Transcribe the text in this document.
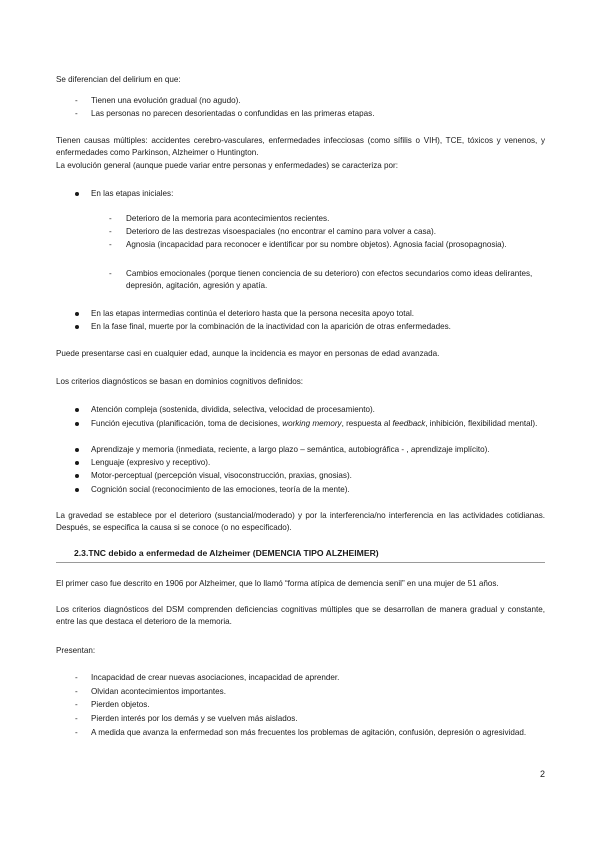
Se diferencian del delirium en que:

- Tienen una evolución gradual (no agudo).

- Las personas no parecen desorientadas o confundidas en las primeras etapas.

Tienen causas múltiples: accidentes cerebro-vasculares, enfermedades infecciosas (como sífilis o VIH), TCE, tóxicos y venenos, y enfermedades como Parkinson, Alzheimer o Huntington.

La evolución general (aunque puede variar entre personas y enfermedades) se caracteriza por:

En las etapas iniciales:

- Deterioro de la memoria para acontecimientos recientes.

- Deterioro de las destrezas visoespaciales (no encontrar el camino para volver a casa).

- Agnosia (incapacidad para reconocer e identificar por su nombre objetos). Agnosia facial (prosopagnosia).

- Cambios emocionales (porque tienen conciencia de su deterioro) con efectos secundarios como ideas delirantes, depresión, agitación, agresión y apatía.

En las etapas intermedias continúa el deterioro hasta que la persona necesita apoyo total.

En la fase final, muerte por la combinación de la inactividad con la aparición de otras enfermedades.

Puede presentarse casi en cualquier edad, aunque la incidencia es mayor en personas de edad avanzada.

Los criterios diagnósticos se basan en dominios cognitivos definidos:

Atención compleja (sostenida, dividida, selectiva, velocidad de procesamiento).

Función ejecutiva (planificación, toma de decisiones, working memory, respuesta al feedback, inhibición, flexibilidad mental).

Aprendizaje y memoria (inmediata, reciente, a largo plazo – semántica, autobiográfica - , aprendizaje implícito).

Lenguaje (expresivo y receptivo).

Motor-perceptual (percepción visual, visoconstrucción, praxias, gnosias).

Cognición social (reconocimiento de las emociones, teoría de la mente).

La gravedad se establece por el deterioro (sustancial/moderado) y por la interferencia/no interferencia en las actividades cotidianas. Después, se especifica la causa si se conoce (o no especificado).

2.3.TNC debido a enfermedad de Alzheimer (DEMENCIA TIPO ALZHEIMER)

El primer caso fue descrito en 1906 por Alzheimer, que lo llamó “forma atípica de demencia senil” en una mujer de 51 años.

Los criterios diagnósticos del DSM comprenden deficiencias cognitivas múltiples que se desarrollan de manera gradual y constante, entre las que destaca el deterioro de la memoria.

Presentan:

- Incapacidad de crear nuevas asociaciones, incapacidad de aprender.

- Olvidan acontecimientos importantes.

- Pierden objetos.

- Pierden interés por los demás y se vuelven más aislados.

- A medida que avanza la enfermedad son más frecuentes los problemas de agitación, confusión, depresión o agresividad.

2
